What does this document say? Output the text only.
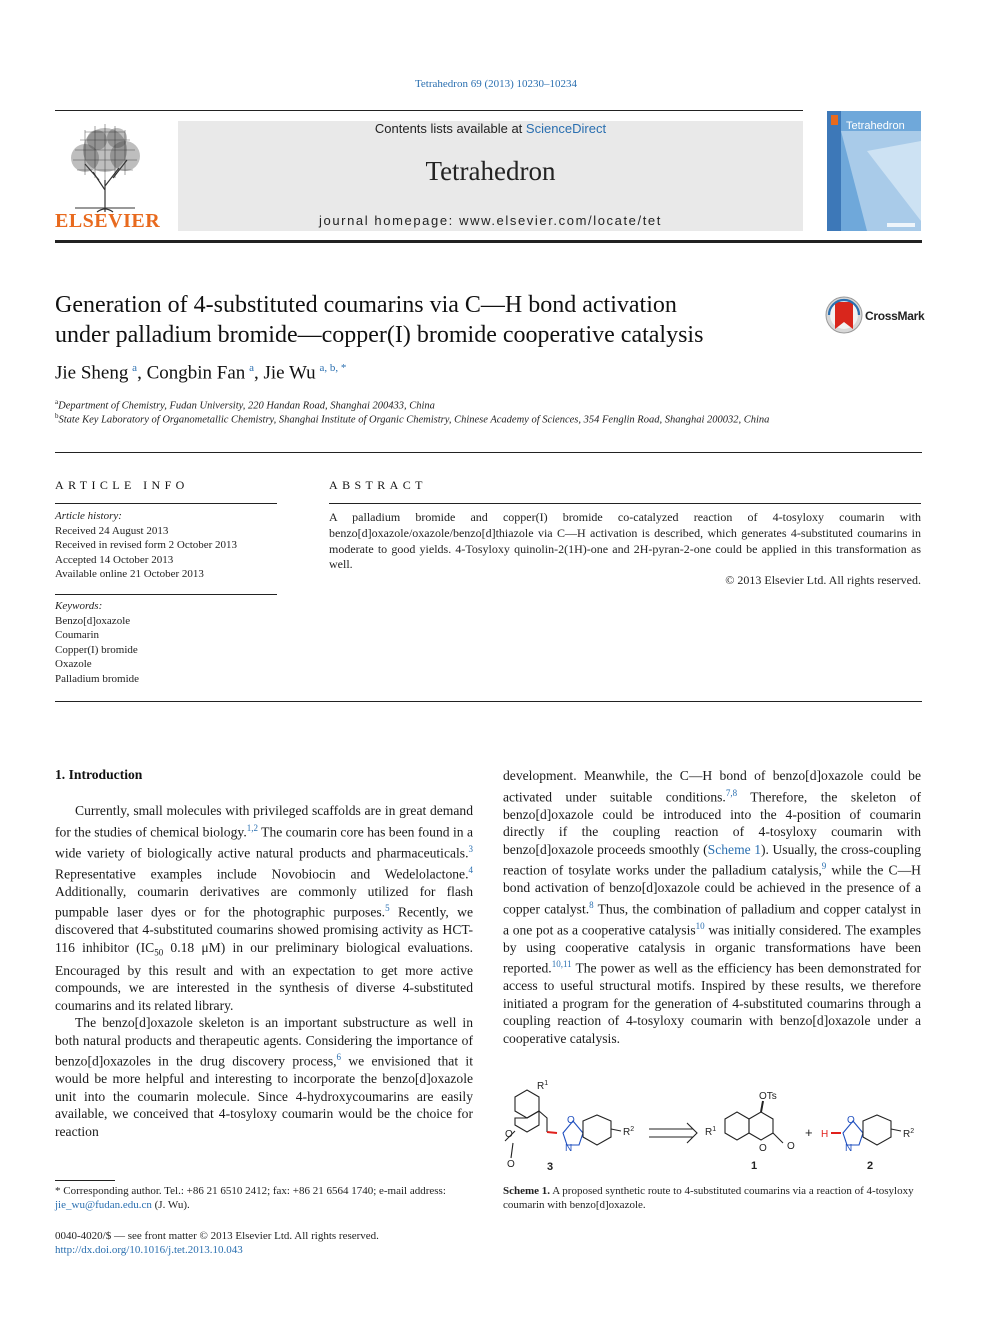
Tetrahedron 69 (2013) 10230–10234
ELSEVIER
Contents lists available at ScienceDirect
Tetrahedron
journal homepage: www.elsevier.com/locate/tet
Tetrahedron
Generation of 4-substituted coumarins via C—H bond activation
under palladium bromide—copper(I) bromide cooperative catalysis
CrossMark
Jie Sheng  $^a$, Congbin Fan  $^a$, Jie Wu  $^{a, b, *}$
$^a$Department of Chemistry, Fudan University, 220 Handan Road, Shanghai 200433, China
$^b$State Key Laboratory of Organometallic Chemistry, Shanghai Institute of Organic Chemistry, Chinese Academy of Sciences, 354 Fenglin Road, Shanghai 200032, China
ARTICLE INFO
Article history:
Received 24 August 2013
Received in revised form 2 October 2013
Accepted 14 October 2013
Available online 21 October 2013
Keywords:
Benzo[d]oxazole
Coumarin
Copper(I) bromide
Oxazole
Palladium bromide
ABSTRACT
A palladium bromide and copper(I) bromide co-catalyzed reaction of 4-tosyloxy coumarin with benzo[d]oxazole/oxazole/benzo[d]thiazole via C—H activation is described, which generates 4-substituted coumarins in moderate to good yields. 4-Tosyloxy quinolin-2(1H)-one and 2H-pyran-2-one could be applied in this transformation as well.
© 2013 Elsevier Ltd. All rights reserved.
1. Introduction

Currently, small molecules with privileged scaffolds are in great demand for the studies of chemical biology.$^{1,2}$ The coumarin core has been found in a wide variety of biologically active natural products and pharmaceuticals.$^3$ Representative examples include Novobiocin and Wedelolactone.$^4$ Additionally, coumarin derivatives are commonly utilized for flash pumpable laser dyes or for the photographic purposes.$^5$ Recently, we discovered that 4-substituted coumarins showed promising activity as HCT-116 inhibitor ($IC_{50}$ 0.18 μM) in our preliminary biological evaluations. Encouraged by this result and with an expectation to get more active compounds, we are interested in the synthesis of diverse 4-substituted coumarins and its related library.

The benzo[d]oxazole skeleton is an important substructure as well in both natural products and therapeutic agents. Considering the importance of benzo[d]oxazoles in the drug discovery process,$^6$ we envisioned that it would be more helpful and interesting to incorporate the benzo[d]oxazole unit into the coumarin molecule. Since 4-hydroxycoumarins are easily available, we conceived that 4-tosyloxy coumarin would be the choice for reaction

development. Meanwhile, the C—H bond of benzo[d]oxazole could be activated under suitable conditions.$^{7,8}$ Therefore, the skeleton of benzo[d]oxazole could be introduced into the 4-position of coumarin directly if the coupling reaction of 4-tosyloxy coumarin with benzo[d]oxazole proceeds smoothly (Scheme 1). Usually, the cross-coupling reaction of tosylate works under the palladium catalysis,$^9$ while the C—H bond activation of benzo[d]oxazole could be achieved in the presence of a copper catalyst.$^8$ Thus, the combination of palladium and copper catalyst in a one pot as a cooperative catalysis$^{10}$ was initially considered. The examples by using cooperative catalysis in organic transformations have been reported.$^{10,11}$ The power as well as the efficiency has been demonstrated for access to useful structural motifs. Inspired by these results, we therefore initiated a program for the generation of 4-substituted coumarins through a coupling reaction of 4-tosyloxy coumarin with benzo[d]oxazole under a cooperative catalysis.

$R^1$
O
O
O
N
$R^2$
3
OTs
$R^1$
O O
1
+ H
O
N
$R^2$
2
Scheme 1. A proposed synthetic route to 4-substituted coumarins via a reaction of 4-tosyloxy coumarin with benzo[d]oxazole.
* Corresponding author. Tel.: +86 21 6510 2412; fax: +86 21 6564 1740; e-mail address: jie_wu@fudan.edu.cn (J. Wu).
0040-4020/$ — see front matter © 2013 Elsevier Ltd. All rights reserved.
http://dx.doi.org/10.1016/j.tet.2013.10.043
